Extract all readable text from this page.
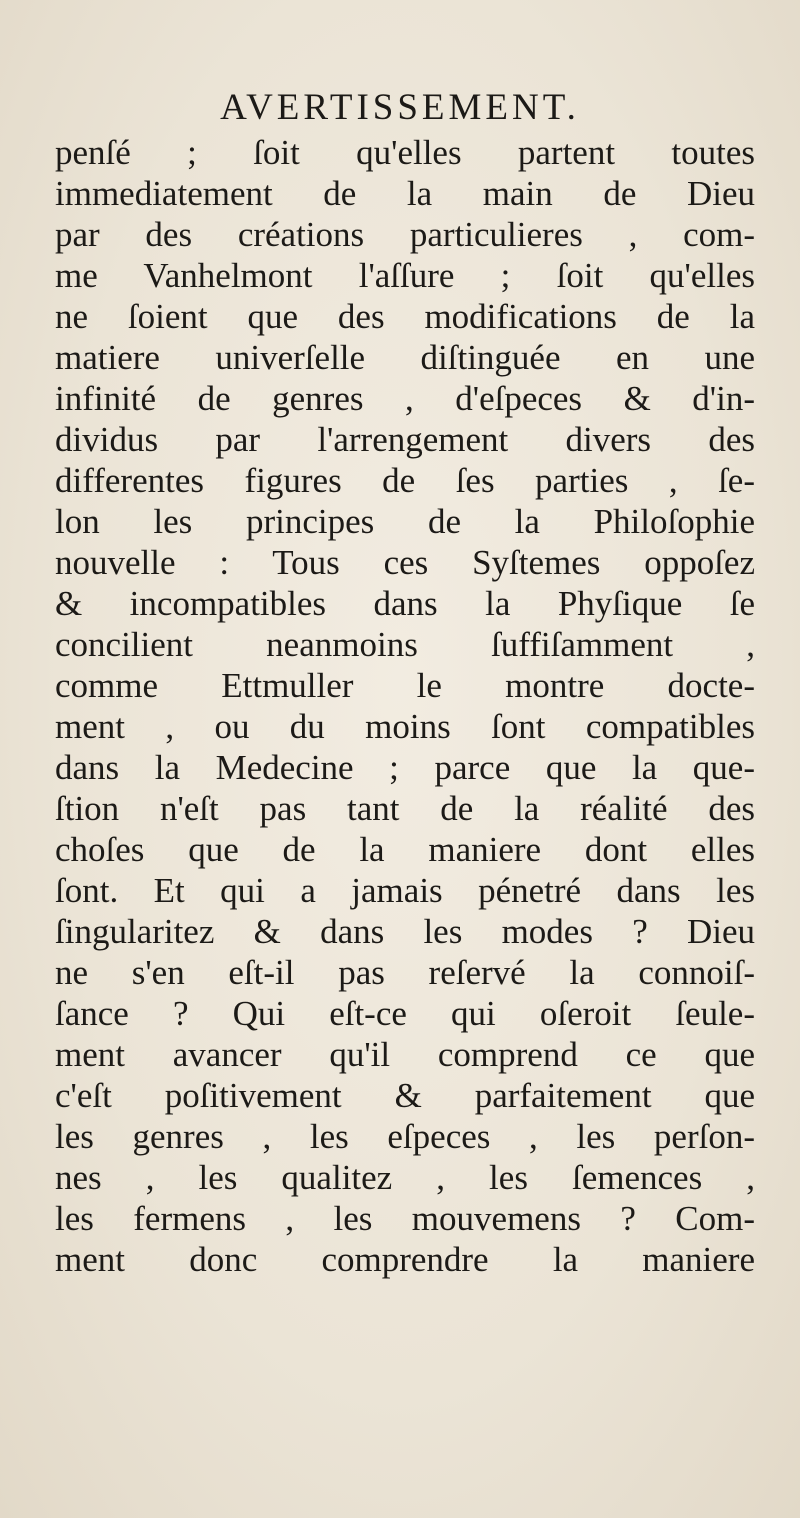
AVERTISSEMENT.
penſé ; ſoit qu'elles partent toutes
immediatement de la main de Dieu
par des créations particulieres , com-
me Vanhelmont l'aſſure ; ſoit qu'elles
ne ſoient que des modifications de la
matiere univerſelle diſtinguée en une
infinité de genres , d'eſpeces & d'in-
dividus par l'arrengement divers des
differentes figures de ſes parties , ſe-
lon les principes de la Philoſophie
nouvelle : Tous ces Syſtemes oppoſez
& incompatibles dans la Phyſique ſe
concilient neanmoins ſuffiſamment ,
comme Ettmuller le montre docte-
ment , ou du moins ſont compatibles
dans la Medecine ; parce que la que-
ſtion n'eſt pas tant de la réalité des
choſes que de la maniere dont elles
ſont. Et qui a jamais pénetré dans les
ſingularitez & dans les modes ? Dieu
ne s'en eſt-il pas reſervé la connoiſ-
ſance ? Qui eſt-ce qui oſeroit ſeule-
ment avancer qu'il comprend ce que
c'eſt poſitivement & parfaitement que
les genres , les eſpeces , les perſon-
nes , les qualitez , les ſemences ,
les fermens , les mouvemens ? Com-
ment donc comprendre la maniere
